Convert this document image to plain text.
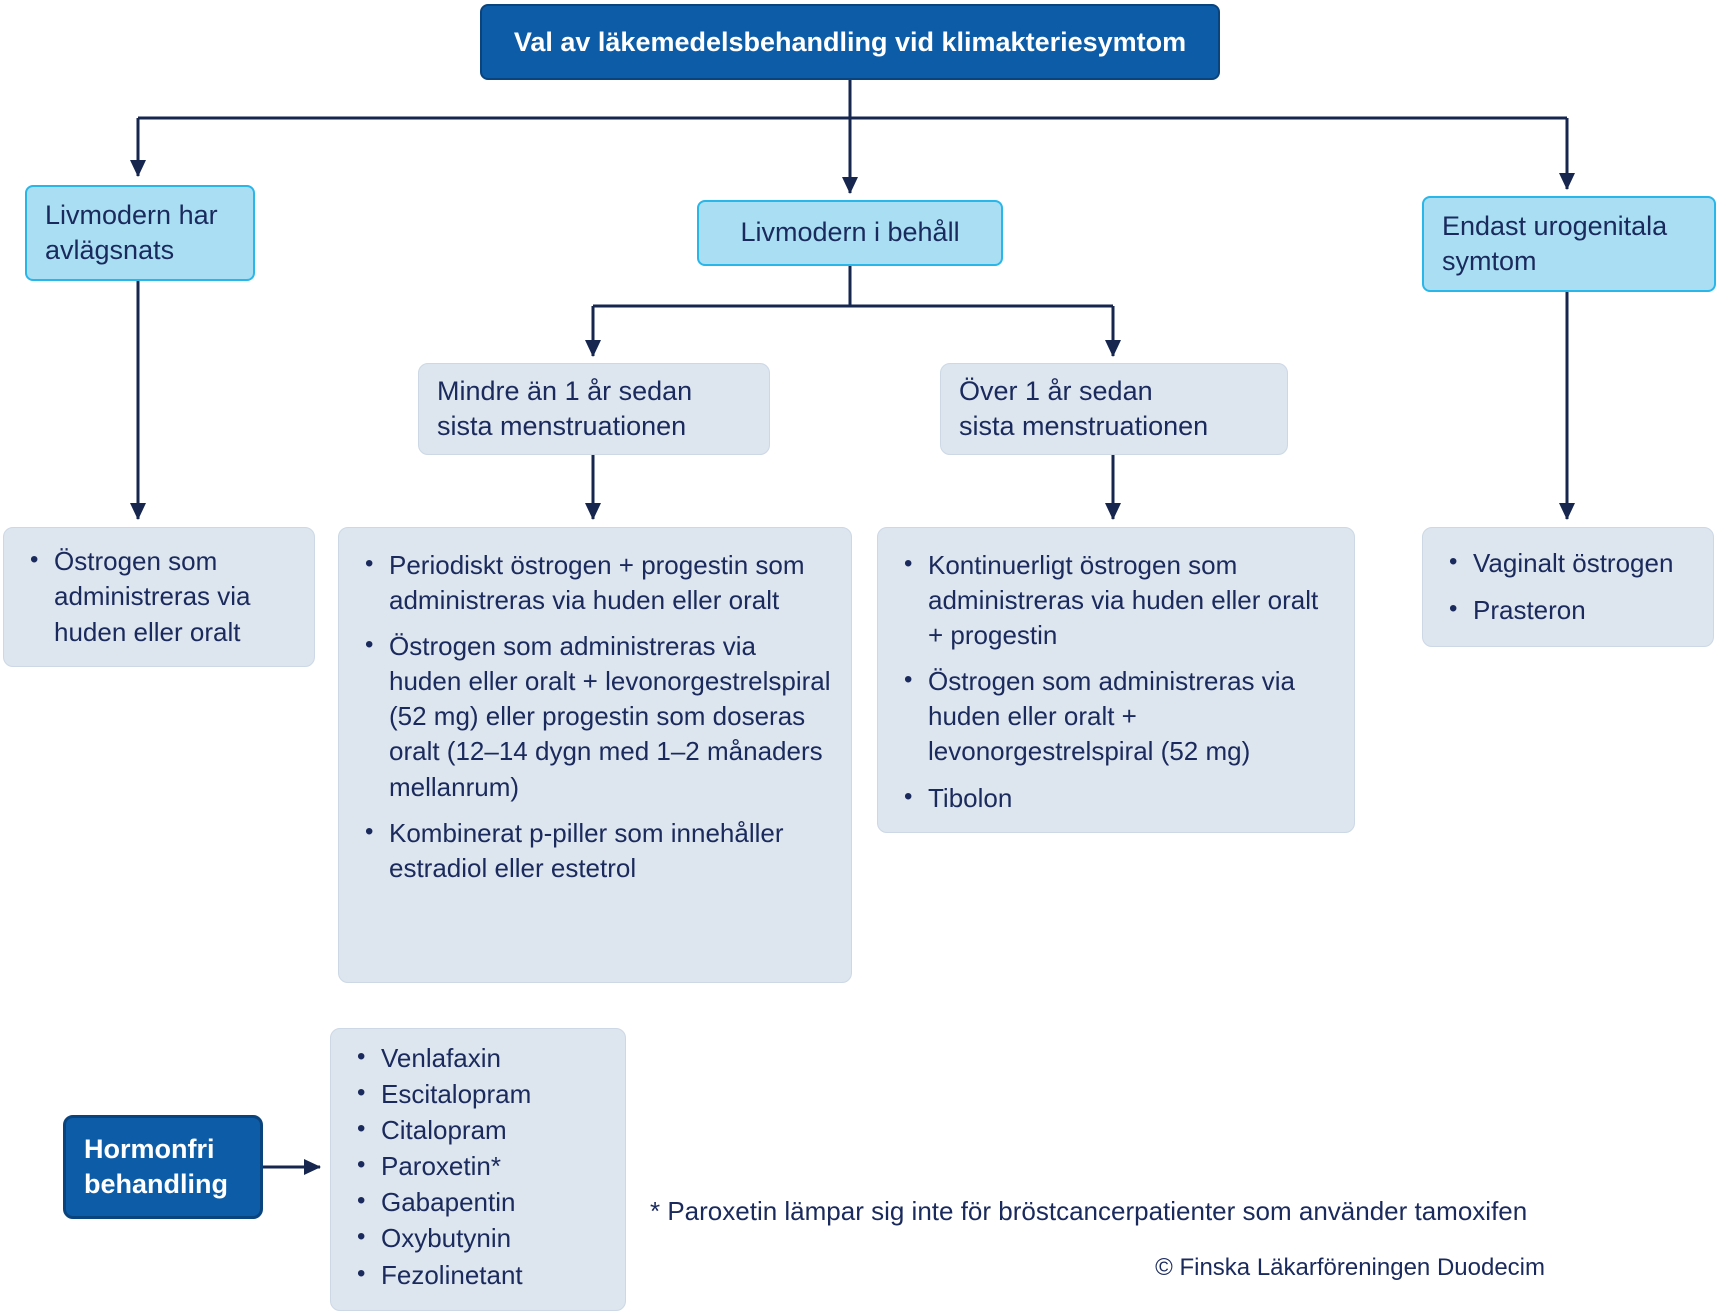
Val av läkemedelsbehandling vid klimakteriesymtom
Livmodern har
avlägsnats
Livmodern i behåll	Endast urogenitala
symtom
Mindre än 1 år sedan
sista menstruationen
Över 1 år sedan
sista menstruationen
• Östrogen som administreras via huden eller oralt
• Periodiskt östrogen + progestin som administreras via huden eller oralt
• Östrogen som administreras via huden eller oralt + levonorgestrelspiral (52 mg) eller progestin som doseras oralt (12–14 dygn med 1–2 månaders mellanrum)
• Kombinerat p-piller som innehåller estradiol eller estetrol
• Kontinuerligt östrogen som administreras via huden eller oralt + progestin
• Östrogen som administreras via huden eller oralt + levonorgestrelspiral (52 mg)
• Tibolon
• Vaginalt östrogen
• Prasteron
Hormonfri
behandling
• Venlafaxin
• Escitalopram
• Citalopram
• Paroxetin*
• Gabapentin
• Oxybutynin
• Fezolinetant
* Paroxetin lämpar sig inte för bröstcancerpatienter som använder tamoxifen
© Finska Läkarföreningen Duodecim
